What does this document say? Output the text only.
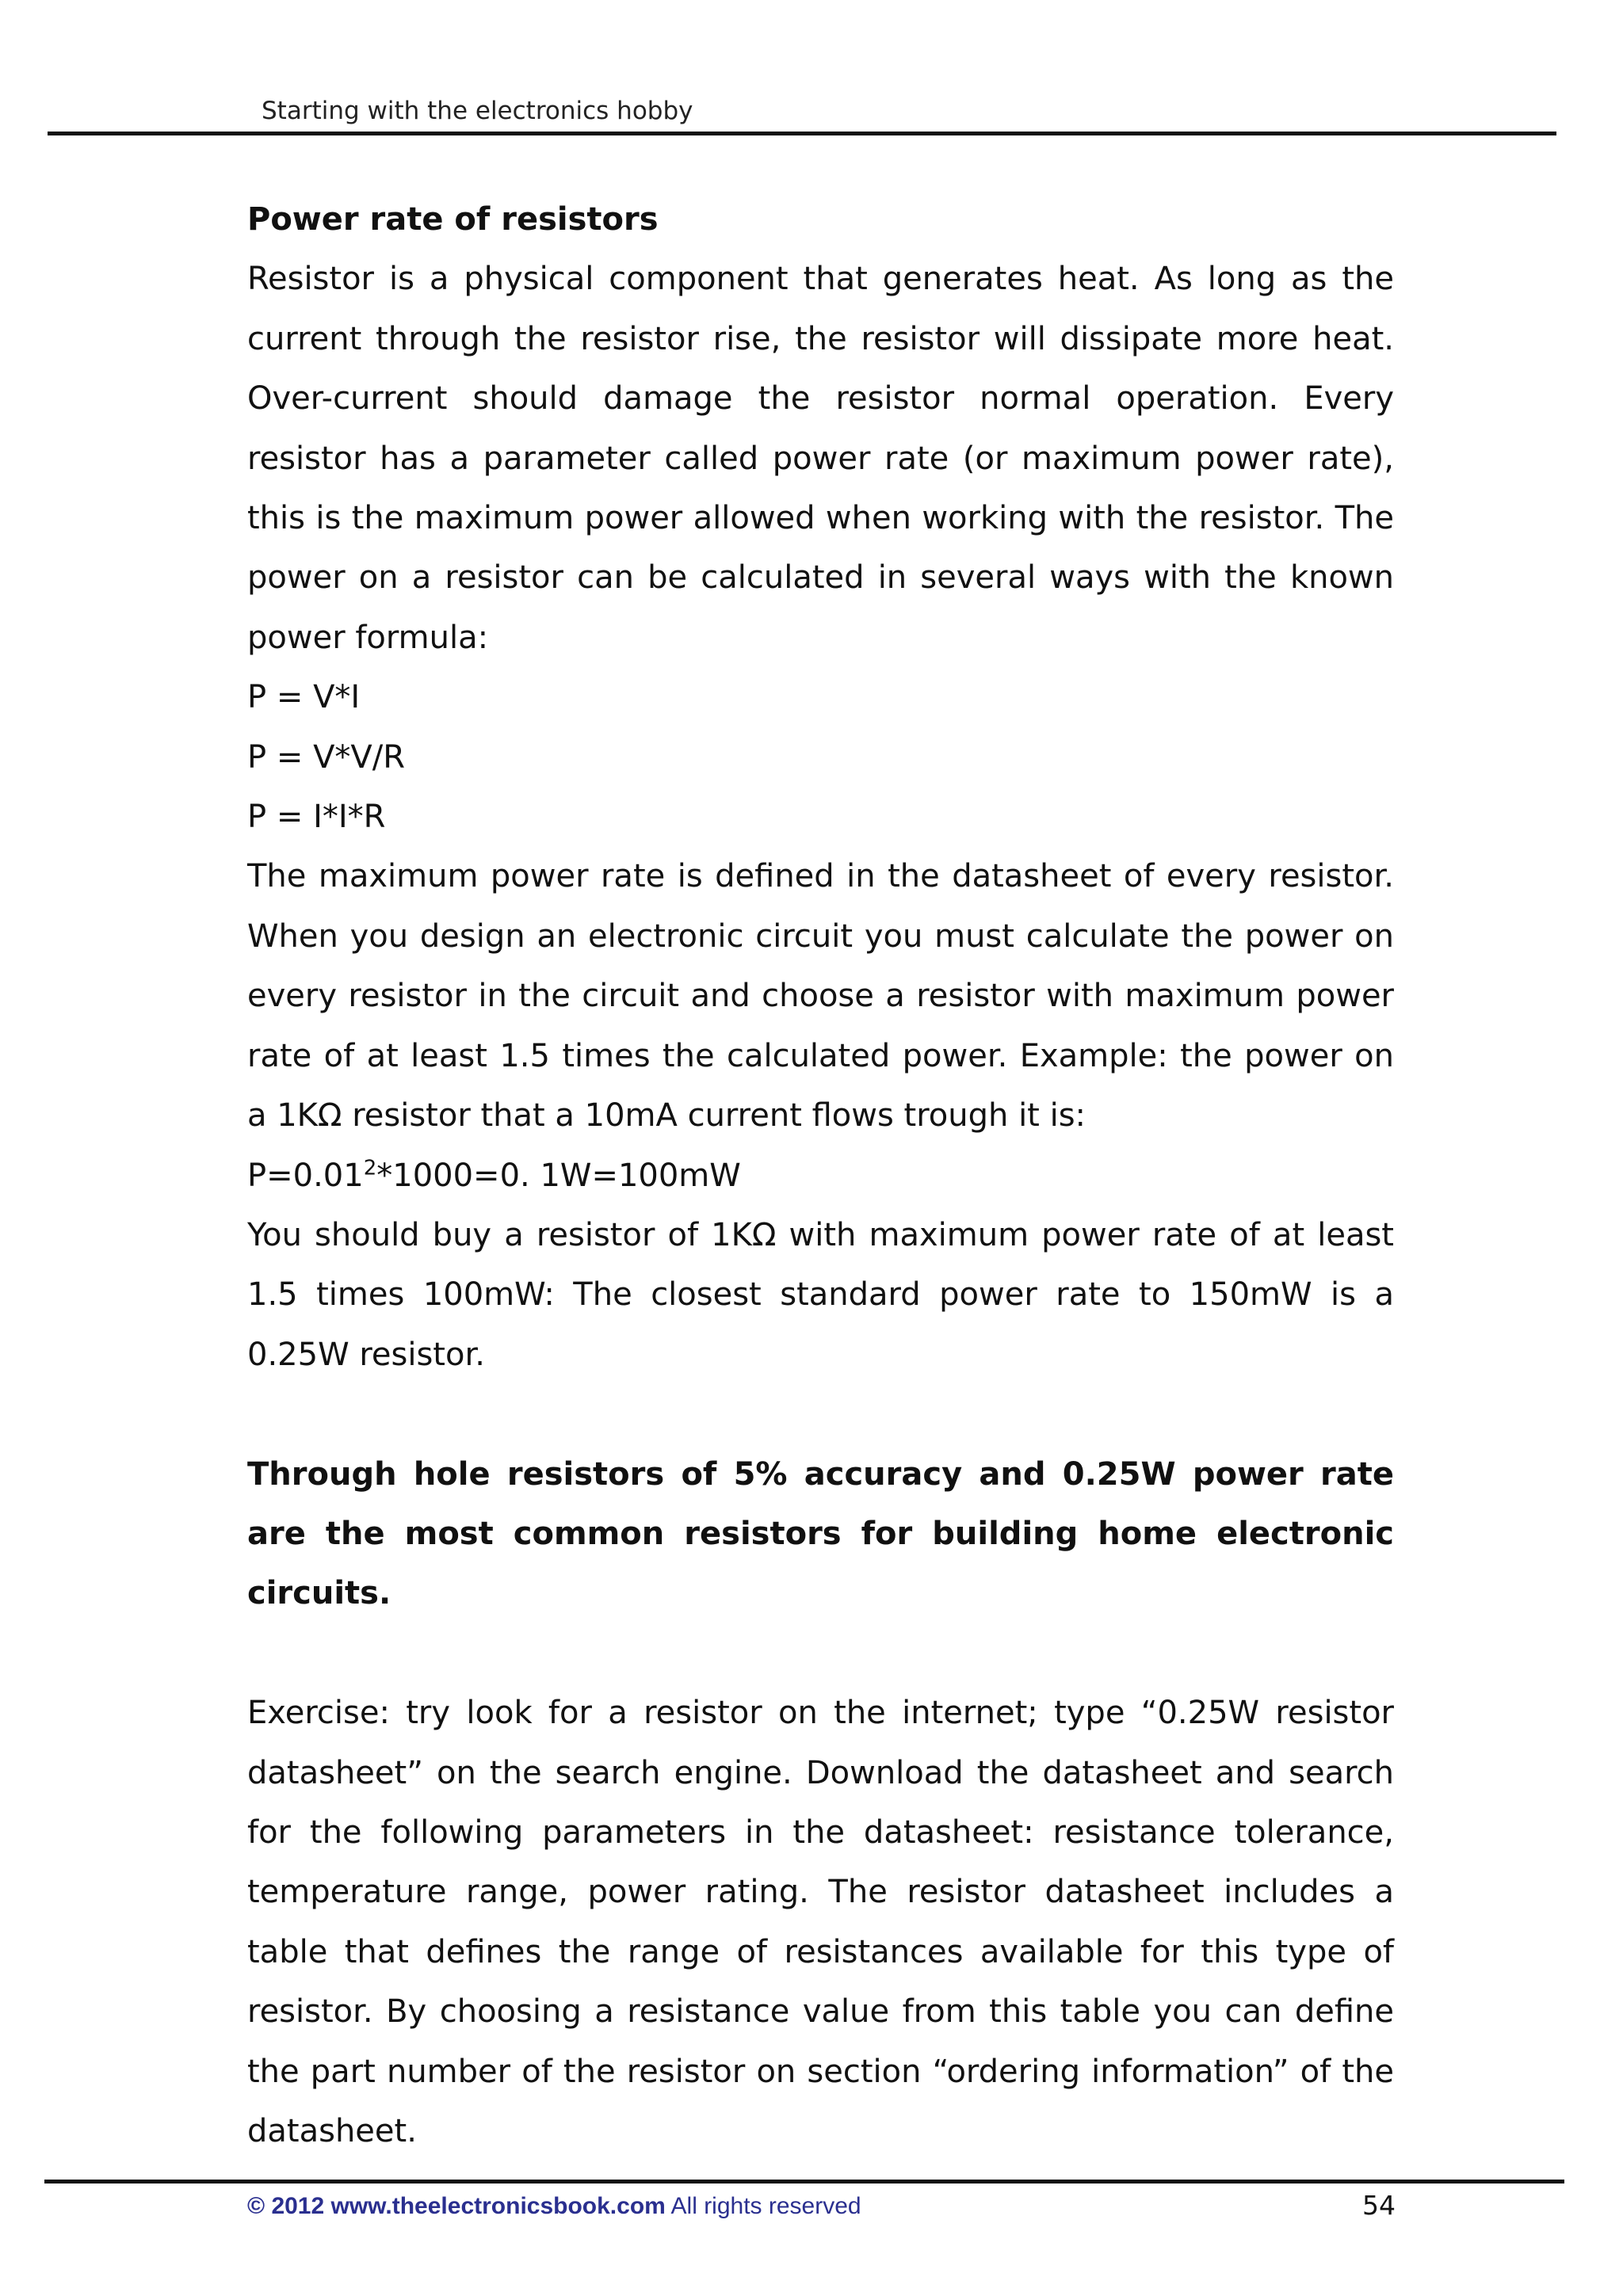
Starting with the electronics hobby

Power rate of resistors

Resistor is a physical component that generates heat. As long as the current through the resistor rise, the resistor will dissipate more heat. Over-current should damage the resistor normal operation. Every resistor has a parameter called power rate (or maximum power rate), this is the maximum power allowed when working with the resistor. The power on a resistor can be calculated in several ways with the known power formula:

P = V*I

P = V*V/R

P = I*I*R

The maximum power rate is defined in the datasheet of every resistor. When you design an electronic circuit you must calculate the power on every resistor in the circuit and choose a resistor with maximum power rate of at least 1.5 times the calculated power. Example: the power on a 1KΩ resistor that a 10mA current flows trough it is:

$P=0.01^2*1000=0$. 1W=100mW

You should buy a resistor of 1KΩ with maximum power rate of at least 1.5 times 100mW: The closest standard power rate to 150mW is a 0.25W resistor.

Through hole resistors of 5% accuracy and 0.25W power rate are the most common resistors for building home electronic circuits.

Exercise: try look for a resistor on the internet; type “0.25W resistor datasheet” on the search engine. Download the datasheet and search for the following parameters in the datasheet: resistance tolerance, temperature range, power rating. The resistor datasheet includes a table that defines the range of resistances available for this type of resistor. By choosing a resistance value from this table you can define the part number of the resistor on section “ordering information” of the datasheet.

© 2012 www.theelectronicsbook.com All rights reserved	54
